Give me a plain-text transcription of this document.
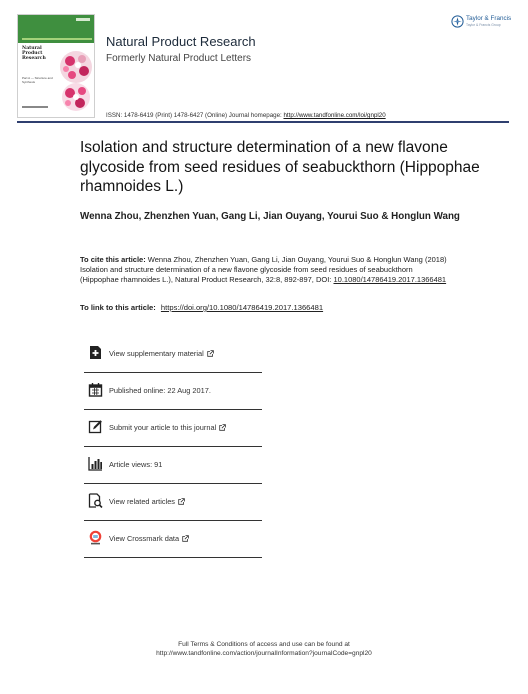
Natural
Product
Research
Part A — Structure and Synthesis
Natural Product Research
Formerly Natural Product Letters
ISSN: 1478-6419 (Print) 1478-6427 (Online) Journal homepage: http://www.tandfonline.com/loi/gnpl20
Taylor & Francis
Taylor & Francis Group
Isolation and structure determination of a new flavone glycoside from seed residues of seabuckthorn (Hippophae rhamnoides L.)
Wenna Zhou, Zhenzhen Yuan, Gang Li, Jian Ouyang, Yourui Suo & Honglun Wang
To cite this article: Wenna Zhou, Zhenzhen Yuan, Gang Li, Jian Ouyang, Yourui Suo & Honglun Wang (2018) Isolation and structure determination of a new flavone glycoside from seed residues of seabuckthorn (Hippophae rhamnoides L.), Natural Product Research, 32:8, 892-897, DOI: 10.1080/14786419.2017.1366481
To link to this article: https://doi.org/10.1080/14786419.2017.1366481
View supplementary material
Published online: 22 Aug 2017.
Submit your article to this journal
Article views: 91
View related articles
View Crossmark data
Full Terms & Conditions of access and use can be found at
http://www.tandfonline.com/action/journalInformation?journalCode=gnpl20
